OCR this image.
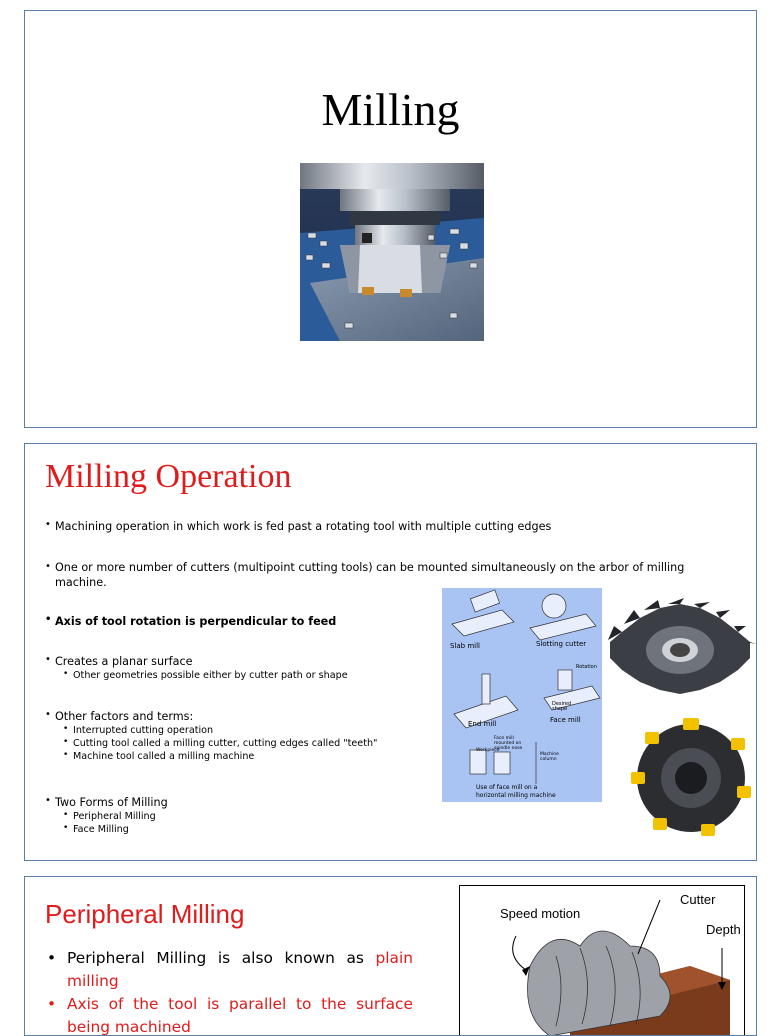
Milling
Milling Operation

• Machining operation in which work is fed past a rotating tool with multiple cutting edges

• One or more number of cutters (multipoint cutting tools) can be mounted simultaneously on the arbor of milling machine.

• Axis of tool rotation is perpendicular to feed

• Creates a planar surface

• Other geometries possible either by cutter path or shape

• Other factors and terms:

• Interrupted cutting operation

• Cutting tool called a milling cutter, cutting edges called "teeth"

• Machine tool called a milling machine

• Two Forms of Milling

• Peripheral Milling

• Face Milling

Slab mill	Slotting cutter
End mill	Face mill
Rotation
Desired shape
Face mill mounted on spindle nose
Workpiece
Machine column
Use of face mill on a
horizontal milling machine
Peripheral Milling

• Peripheral Milling is also known as plain milling

• Axis of the tool is parallel to the surface being machined

Speed motion
Cutter
Depth
